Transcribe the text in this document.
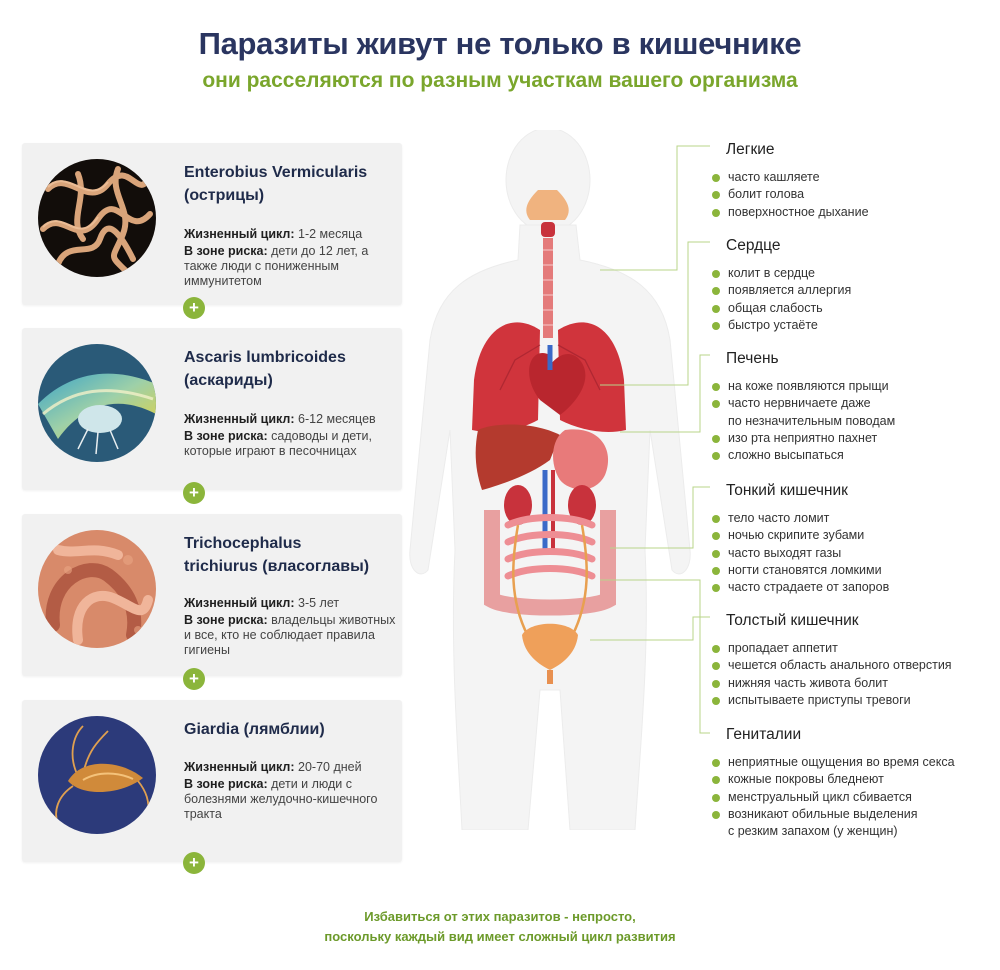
Паразиты живут не только в кишечнике
они расселяются по разным участкам вашего организма
Enterobius Vermicularis
(острицы)

Жизненный цикл: 1-2 месяца

В зоне риска: дети до 12 лет, а также люди с пониженным иммунитетом

+
Ascaris lumbricoides
(аскариды)

Жизненный цикл: 6-12 месяцев

В зоне риска: садоводы и дети, которые играют в песочницах

+
Trichocephalus
trichiurus (власоглавы)

Жизненный цикл: 3-5 лет

В зоне риска: владельцы животных и все, кто не соблюдает правила гигиены

+
Giardia (лямблии)

Жизненный цикл: 20-70 дней

В зоне риска: дети и люди с болезнями желудочно-кишечного тракта

+
Легкие
часто кашляете
болит голова
поверхностное дыхание
Сердце
колит в сердце
появляется аллергия
общая слабость
быстро устаёте
Печень
на коже появляются прыщи
часто нервничаете даже
по незначительным поводам
изо рта неприятно пахнет
сложно высыпаться
Тонкий кишечник
тело часто ломит
ночью скрипите зубами
часто выходят газы
ногти становятся ломкими
часто страдаете от запоров
Толстый кишечник
пропадает аппетит
чешется область анального отверстия
нижняя часть живота болит
испытываете приступы тревоги
Гениталии
неприятные ощущения во время секса
кожные покровы бледнеют
менструальный цикл сбивается
возникают обильные выделения
с резким запахом (у женщин)
Избавиться от этих паразитов - непросто,
поскольку каждый вид имеет сложный цикл развития
